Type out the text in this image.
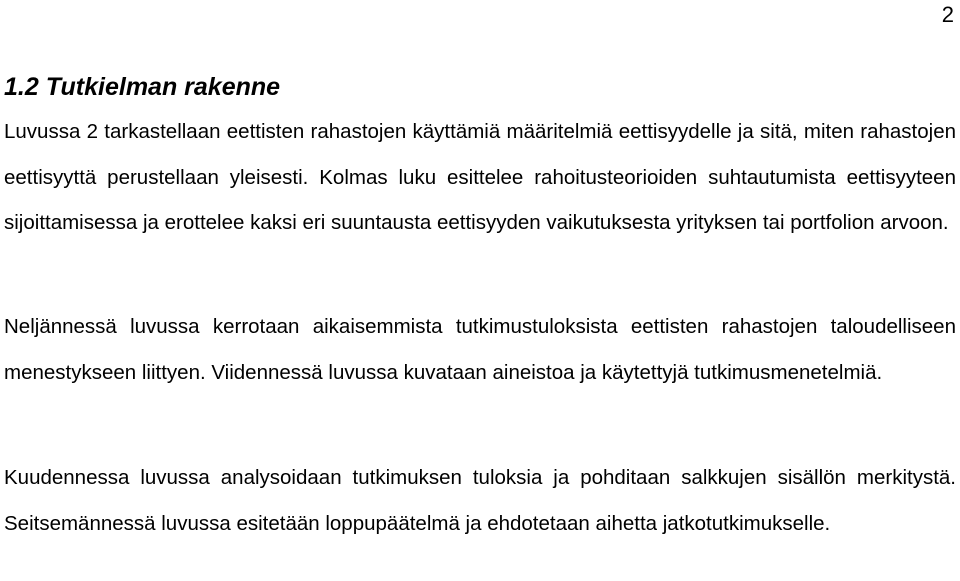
2
1.2 Tutkielman rakenne

Luvussa 2 tarkastellaan eettisten rahastojen käyttämiä määritelmiä eettisyydelle ja sitä, miten rahastojen eettisyyttä perustellaan yleisesti. Kolmas luku esittelee rahoitusteorioiden suhtautumista eettisyyteen sijoittamisessa ja erottelee kaksi eri suuntausta eettisyyden vaikutuksesta yrityksen tai portfolion arvoon.

Neljännessä luvussa kerrotaan aikaisemmista tutkimustuloksista eettisten rahastojen taloudelliseen menestykseen liittyen. Viidennessä luvussa kuvataan aineistoa ja käytettyjä tutkimusmenetelmiä.

Kuudennessa luvussa analysoidaan tutkimuksen tuloksia ja pohditaan salkkujen sisällön merkitystä. Seitsemännessä luvussa esitetään loppupäätelmä ja ehdotetaan aihetta jatkotutkimukselle.
